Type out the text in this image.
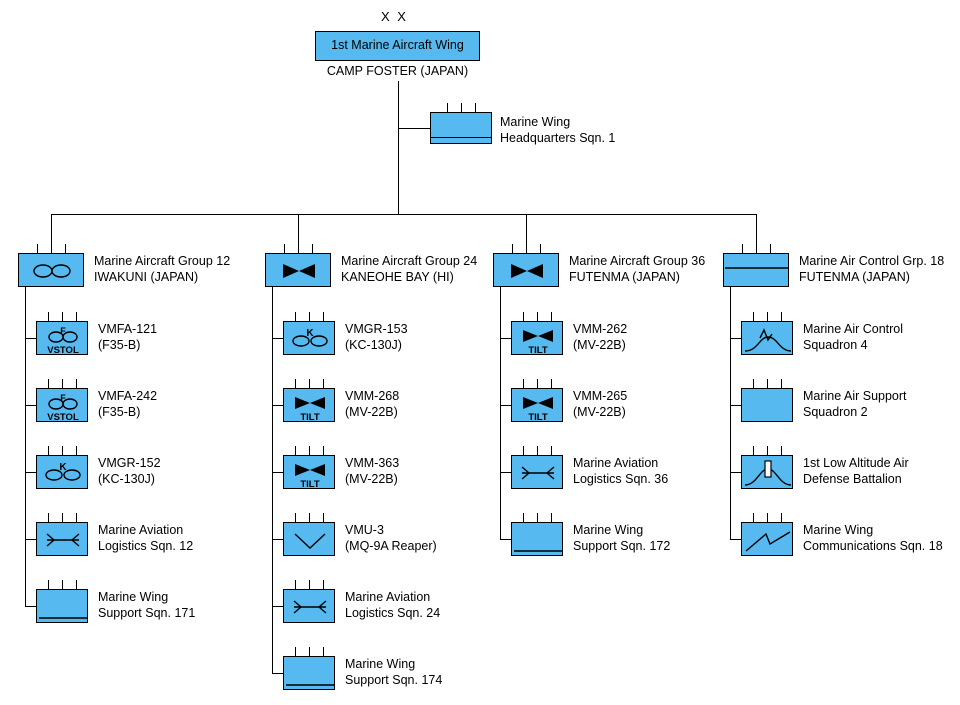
X X
1st Marine Aircraft Wing
CAMP FOSTER (JAPAN)
Marine Wing
Headquarters Sqn. 1
Marine Aircraft Group 12
IWAKUNI (JAPAN)
F
VSTOL
VMFA-121
(F35-B)
F
VSTOL
VMFA-242
(F35-B)
K	VMGR-152
(KC-130J)
Marine Aviation
Logistics Sqn. 12
Marine Wing
Support Sqn. 171
Marine Aircraft Group 24
KANEOHE BAY (HI)
K	VMGR-153
(KC-130J)
TILT
VMM-268
(MV-22B)
TILT
VMM-363
(MV-22B)
VMU-3
(MQ-9A Reaper)
Marine Aviation
Logistics Sqn. 24
Marine Wing
Support Sqn. 174
Marine Aircraft Group 36
FUTENMA (JAPAN)
TILT
VMM-262
(MV-22B)
TILT
VMM-265
(MV-22B)
Marine Aviation
Logistics Sqn. 36
Marine Wing
Support Sqn. 172
Marine Air Control Grp. 18
FUTENMA (JAPAN)
Marine Air Control
Squadron 4
Marine Air Support
Squadron 2
1st Low Altitude Air
Defense Battalion
Marine Wing
Communications Sqn. 18
